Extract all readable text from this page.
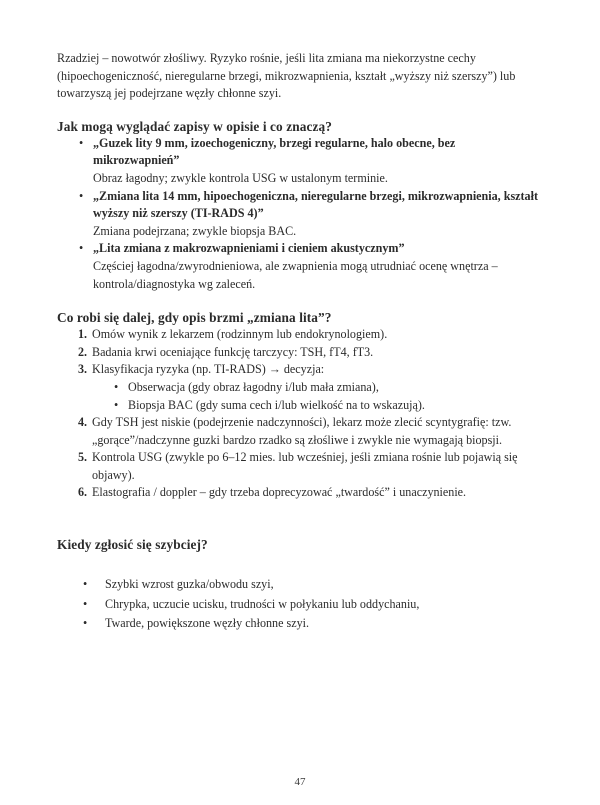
Rzadziej – nowotwór złośliwy. Ryzyko rośnie, jeśli lita zmiana ma niekorzystne cechy (hipoechogeniczność, nieregularne brzegi, mikrozwapnienia, kształt „wyższy niż szerszy”) lub towarzyszą jej podejrzane węzły chłonne szyi.

Jak mogą wyglądać zapisy w opisie i co znaczą?
• „Guzek lity 9 mm, izoechogeniczny, brzegi regularne, halo obecne, bez mikrozwapnień”
Obraz łagodny; zwykle kontrola USG w ustalonym terminie.
• „Zmiana lita 14 mm, hipoechogeniczna, nieregularne brzegi, mikrozwapnienia, kształt wyższy niż szerszy (TI-RADS 4)”
Zmiana podejrzana; zwykle biopsja BAC.
• „Lita zmiana z makrozwapnieniami i cieniem akustycznym”
Częściej łagodna/zwyrodnieniowa, ale zwapnienia mogą utrudniać ocenę wnętrza – kontrola/diagnostyka wg zaleceń.
Co robi się dalej, gdy opis brzmi „zmiana lita”?
1. Omów wynik z lekarzem (rodzinnym lub endokrynologiem).
2. Badania krwi oceniające funkcję tarczycy: TSH, fT4, fT3.
3. Klasyfikacja ryzyka (np. TI-RADS) → decyzja:
• Obserwacja (gdy obraz łagodny i/lub mała zmiana),
• Biopsja BAC (gdy suma cech i/lub wielkość na to wskazują).
4. Gdy TSH jest niskie (podejrzenie nadczynności), lekarz może zlecić scyntygrafię: tzw. „gorące”/nadczynne guzki bardzo rzadko są złośliwe i zwykle nie wymagają biopsji.
5. Kontrola USG (zwykle po 6–12 mies. lub wcześniej, jeśli zmiana rośnie lub pojawią się objawy).
6. Elastografia / doppler – gdy trzeba doprecyzować „twardość” i unaczynienie.
Kiedy zgłosić się szybciej?
• Szybki wzrost guzka/obwodu szyi,
• Chrypka, uczucie ucisku, trudności w połykaniu lub oddychaniu,
• Twarde, powiększone węzły chłonne szyi.
47
